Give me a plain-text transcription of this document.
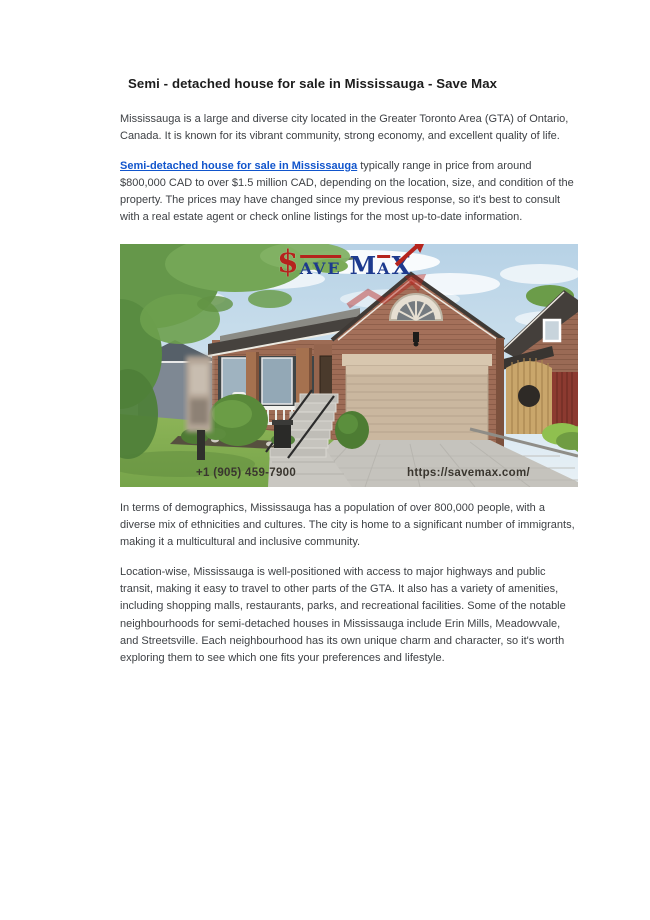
Semi - detached house for sale in Mississauga - Save Max

Mississauga is a large and diverse city located in the Greater Toronto Area (GTA) of Ontario, Canada. It is known for its vibrant community, strong economy, and excellent quality of life.

Semi-detached house for sale in Mississauga typically range in price from around $800,000 CAD to over $1.5 million CAD, depending on the location, size, and condition of the property. The prices may have changed since my previous response, so it's best to consult with a real estate agent or check online listings for the most up-to-date information.

$ AVE M A X
+1 (905) 459-7900	https://savemax.com/

In terms of demographics, Mississauga has a population of over 800,000 people, with a diverse mix of ethnicities and cultures. The city is home to a significant number of immigrants, making it a multicultural and inclusive community.

Location-wise, Mississauga is well-positioned with access to major highways and public transit, making it easy to travel to other parts of the GTA. It also has a variety of amenities, including shopping malls, restaurants, parks, and recreational facilities. Some of the notable neighbourhoods for semi-detached houses in Mississauga include Erin Mills, Meadowvale, and Streetsville. Each neighbourhood has its own unique charm and character, so it's worth exploring them to see which one fits your preferences and lifestyle.
